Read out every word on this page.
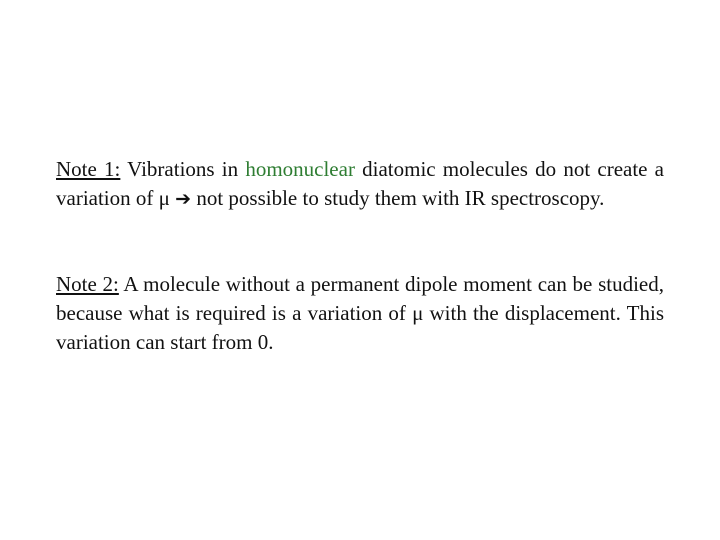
Note 1: Vibrations in homonuclear diatomic molecules do not create a variation of μ ➔ not possible to study them with IR spectroscopy.

Note 2: A molecule without a permanent dipole moment can be studied, because what is required is a variation of μ with the displacement. This variation can start from 0.
